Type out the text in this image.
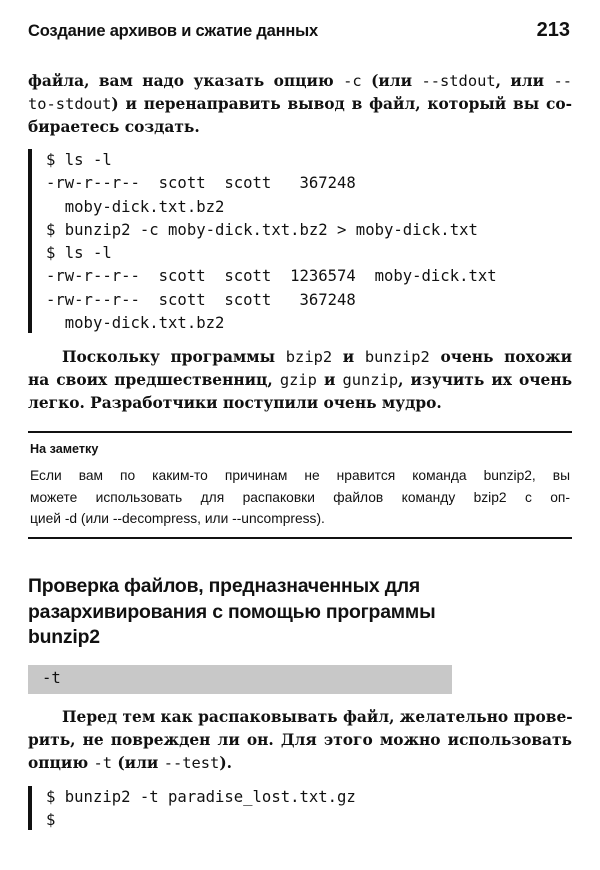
Создание архивов и сжатие данных	213
файла, вам надо указать опцию -c (или --stdout, или --
to-stdout) и перенаправить вывод в файл, который вы со-
бираетесь создать.
$ ls -l
-rw-r--r--  scott  scott   367248
moby-dick.txt.bz2
$ bunzip2 -c moby-dick.txt.bz2 > moby-dick.txt
$ ls -l
-rw-r--r--  scott  scott  1236574  moby-dick.txt
-rw-r--r--  scott  scott   367248
moby-dick.txt.bz2
Поскольку программы bzip2 и bunzip2 очень похожи
на своих предшественниц, gzip и gunzip, изучить их очень
легко. Разработчики поступили очень мудро.
На заметку
Если вам по каким-то причинам не нравится команда bunzip2, вы
можете использовать для распаковки файлов команду bzip2 с оп-
цией -d (или --decompress, или --uncompress).
Проверка файлов, предназначенных для
разархивирования с помощью программы
bunzip2
-t
Перед тем как распаковывать файл, желательно прове-
рить, не поврежден ли он. Для этого можно использовать
опцию -t (или --test).
$ bunzip2 -t paradise_lost.txt.gz
$
